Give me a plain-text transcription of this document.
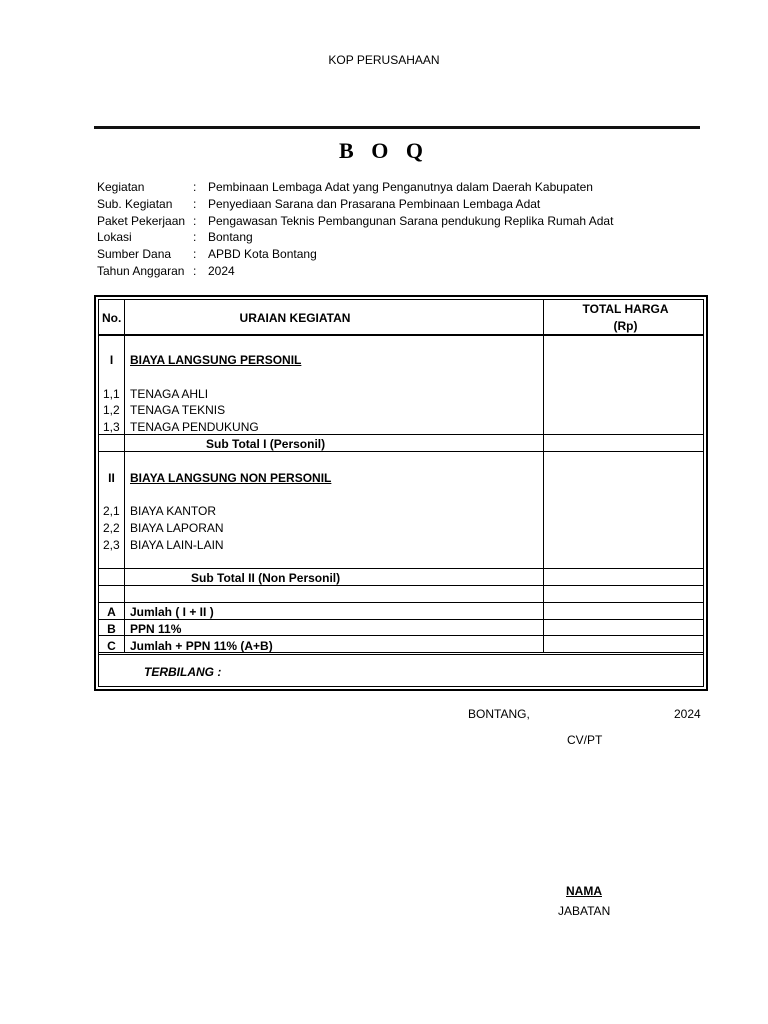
KOP PERUSAHAAN
B O Q
Kegiatan	: Pembinaan Lembaga Adat yang Penganutnya dalam Daerah Kabupaten
Sub. Kegiatan : Penyediaan Sarana dan Prasarana Pembinaan Lembaga Adat
Paket Pekerjaan : Pengawasan Teknis Pembangunan Sarana pendukung Replika Rumah Adat
Lokasi	: Bontang
Sumber Dana : APBD Kota Bontang
Tahun Anggaran : 2024
No.	URAIAN KEGIATAN
TOTAL HARGA
(Rp)
I	BIAYA LANGSUNG PERSONIL
1,1 TENAGA AHLI
1,2 TENAGA TEKNIS
1,3 TENAGA PENDUKUNG
Sub Total I (Personil)
II	BIAYA LANGSUNG NON PERSONIL
2,1 BIAYA KANTOR
2,2 BIAYA LAPORAN
2,3 BIAYA LAIN-LAIN
Sub Total II (Non Personil)
A	Jumlah ( I + II )
B	PPN 11%
C	Jumlah + PPN 11% (A+B)
TERBILANG :
BONTANG,	2024
CV/PT
NAMA
JABATAN
